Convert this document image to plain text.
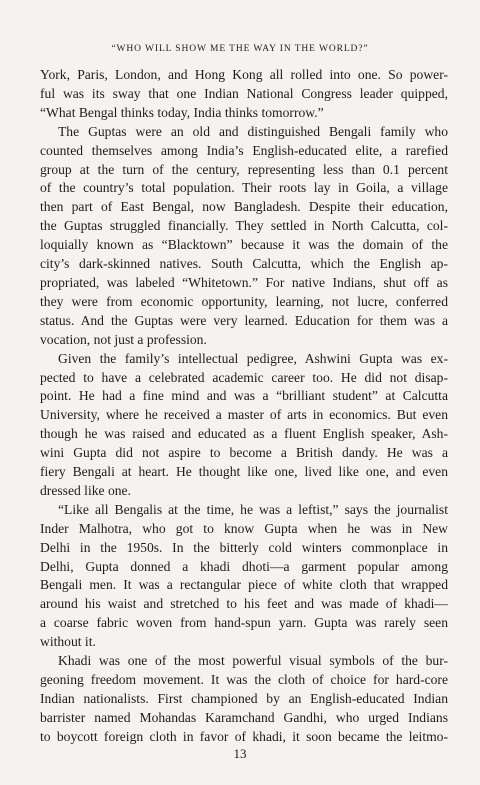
“WHO WILL SHOW ME THE WAY IN THE WORLD?”
York, Paris, London, and Hong Kong all rolled into one. So power-
ful was its sway that one Indian National Congress leader quipped,
“What Bengal thinks today, India thinks tomorrow.”
The Guptas were an old and distinguished Bengali family who
counted themselves among India’s English-educated elite, a rarefied
group at the turn of the century, representing less than 0.1 percent
of the country’s total population. Their roots lay in Goila, a village
then part of East Bengal, now Bangladesh. Despite their education,
the Guptas struggled financially. They settled in North Calcutta, col-
loquially known as “Blacktown” because it was the domain of the
city’s dark-skinned natives. South Calcutta, which the English ap-
propriated, was labeled “Whitetown.” For native Indians, shut off as
they were from economic opportunity, learning, not lucre, conferred
status. And the Guptas were very learned. Education for them was a
vocation, not just a profession.
Given the family’s intellectual pedigree, Ashwini Gupta was ex-
pected to have a celebrated academic career too. He did not disap-
point. He had a fine mind and was a “brilliant student” at Calcutta
University, where he received a master of arts in economics. But even
though he was raised and educated as a fluent English speaker, Ash-
wini Gupta did not aspire to become a British dandy. He was a
fiery Bengali at heart. He thought like one, lived like one, and even
dressed like one.
“Like all Bengalis at the time, he was a leftist,” says the journalist
Inder Malhotra, who got to know Gupta when he was in New
Delhi in the 1950s. In the bitterly cold winters commonplace in
Delhi, Gupta donned a khadi dhoti—a garment popular among
Bengali men. It was a rectangular piece of white cloth that wrapped
around his waist and stretched to his feet and was made of khadi—
a coarse fabric woven from hand-spun yarn. Gupta was rarely seen
without it.
Khadi was one of the most powerful visual symbols of the bur-
geoning freedom movement. It was the cloth of choice for hard-core
Indian nationalists. First championed by an English-educated Indian
barrister named Mohandas Karamchand Gandhi, who urged Indians
to boycott foreign cloth in favor of khadi, it soon became the leitmo-
13
